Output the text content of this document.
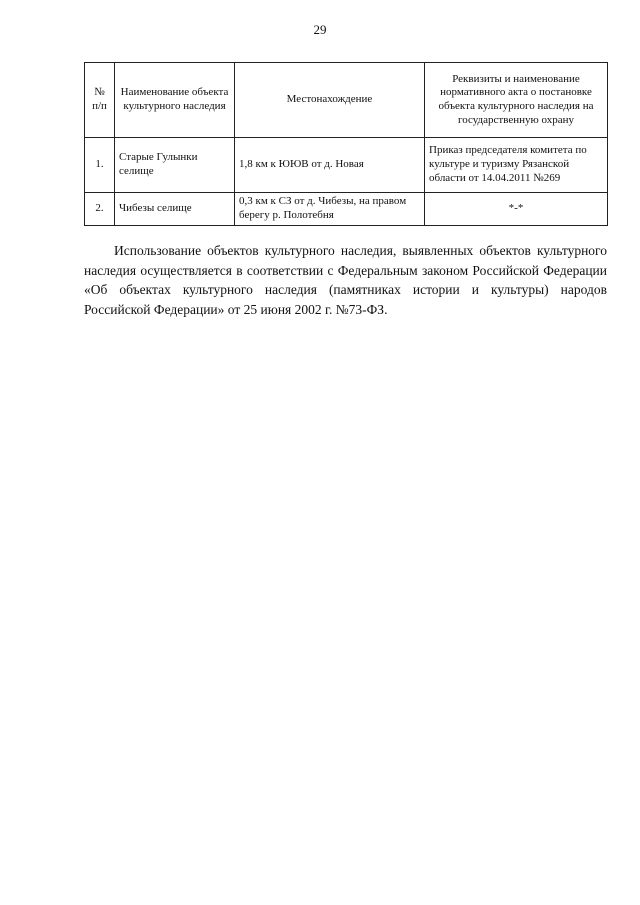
29
№ п/п	Наименование объекта культурного наследия	Местонахождение	Реквизиты и наименование нормативного акта о постановке объекта культурного наследия на государственную охрану
1.	Старые Гулынки селище	1,8 км к ЮЮВ от д. Новая	Приказ председателя комитета по культуре и туризму Рязанской области от 14.04.2011 №269
2.	Чибезы селище	0,3 км к СЗ от д. Чибезы, на правом берегу р. Полотебня	*-*

Использование объектов культурного наследия, выявленных объектов культурного наследия осуществляется в соответствии с Федеральным законом Российской Федерации «Об объектах культурного наследия (памятниках истории и культуры) народов Российской Федерации» от 25 июня 2002 г. №73-ФЗ.
